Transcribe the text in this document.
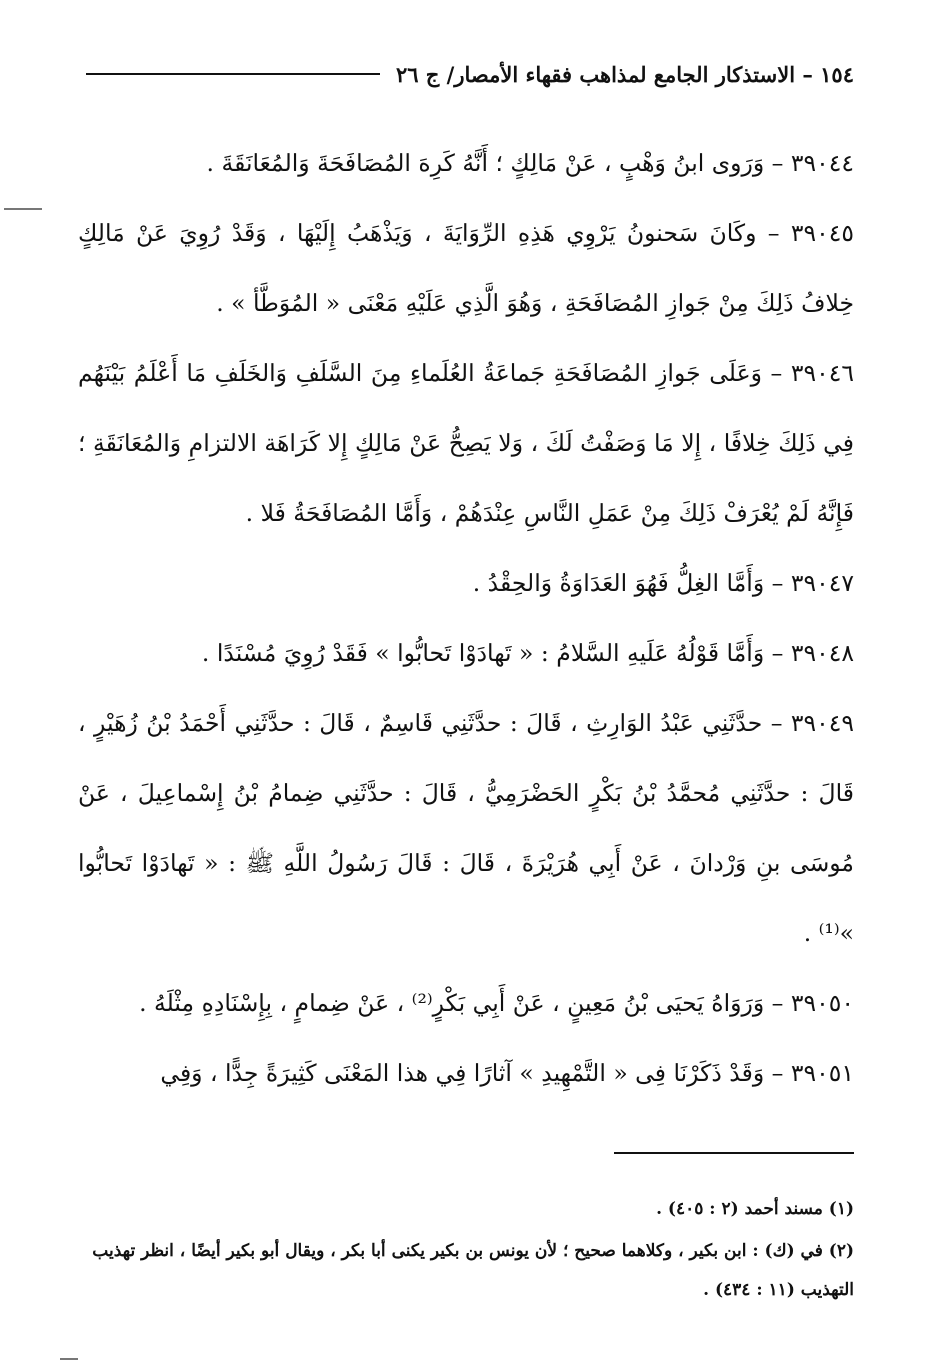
١٥٤ – الاستذكار الجامع لمذاهب فقهاء الأمصار/ ج ٢٦

٣٩٠٤٤ – وَرَوى ابنُ وَهْبٍ ، عَنْ مَالِكٍ ؛ أَنَّهُ كَرِهَ المُصَافَحَةَ وَالمُعَانَقَةَ .

٣٩٠٤٥ – وكَانَ سَحنونُ يَرْوِي هَذِهِ الرِّوَايَةَ ، وَيَذْهَبُ إِلَيْهَا ، وَقَدْ رُوِيَ عَنْ مَالِكٍ خِلافُ ذَلِكَ مِنْ جَوازِ المُصَافَحَةِ ، وَهُوَ الَّذِي عَلَيْهِ مَعْنَى « المُوَطَّأ » .

٣٩٠٤٦ – وَعَلَى جَوازِ المُصَافَحَةِ جَماعَةُ العُلَماءِ مِنَ السَّلَفِ وَالخَلَفِ مَا أَعْلَمُ بَيْنَهُم فِي ذَلِكَ خِلافًا ، إِلا مَا وَصَفْتُ لَكَ ، وَلا يَصِحُّ عَنْ مَالِكٍ إِلا كَرَاهَة الالتزامِ وَالمُعَانَقَةِ ؛ فَإِنَّهُ لَمْ يُعْرَفْ ذَلِكَ مِنْ عَمَلِ النَّاسِ عِنْدَهُمْ ، وَأَمَّا المُصَافَحَةُ فَلا .

٣٩٠٤٧ – وَأَمَّا الغِلُّ فَهُوَ العَدَاوَةُ وَالحِقْدُ .

٣٩٠٤٨ – وَأَمَّا قَوْلُهُ عَلَيهِ السَّلامُ : « تَهادَوْا تَحابُّوا » فَقَدْ رُوِيَ مُسْنَدًا .

٣٩٠٤٩ – حدَّثَنِي عَبْدُ الوَارِثِ ، قَالَ : حدَّثَنِي قَاسِمٌ ، قَالَ : حدَّثَنِي أَحْمَدُ بْنُ زُهَيْرٍ ، قَالَ : حدَّثَنِي مُحمَّدُ بْنُ بَكْرٍ الحَضْرَمِيُّ ، قَالَ : حدَّثَنِي ضِمامُ بْنُ إِسْماعِيلَ ، عَنْ مُوسَى بنِ وَرْدانَ ، عَنْ أَبِي هُرَيْرَةَ ، قَالَ : قَالَ رَسُولُ اللَّهِ ﷺ : « تَهادَوْا تَحابُّوا »⁽¹⁾ .

٣٩٠٥٠ – وَرَوَاهُ يَحيَى بْنُ مَعِينٍ ، عَنْ أَبِي بَكْرٍ⁽²⁾ ، عَنْ ضِمامٍ ، بِإِسْنَادِهِ مِثْلَهُ .

٣٩٠٥١ – وَقَدْ ذَكَرْنَا فِى « التَّمْهِيدِ » آثارًا فِي هذا المَعْنَى كَثِيرَةً جِدًّا ، وَفِي

(١) مسند أحمد (٢ : ٤٠٥) .

(٢) في (ك) : ابن بكير ، وكلاهما صحيح ؛ لأن يونس بن بكير يكنى أبا بكر ، ويقال أبو بكير أيضًا ، انظر تهذيب التهذيب (١١ : ٤٣٤) .
